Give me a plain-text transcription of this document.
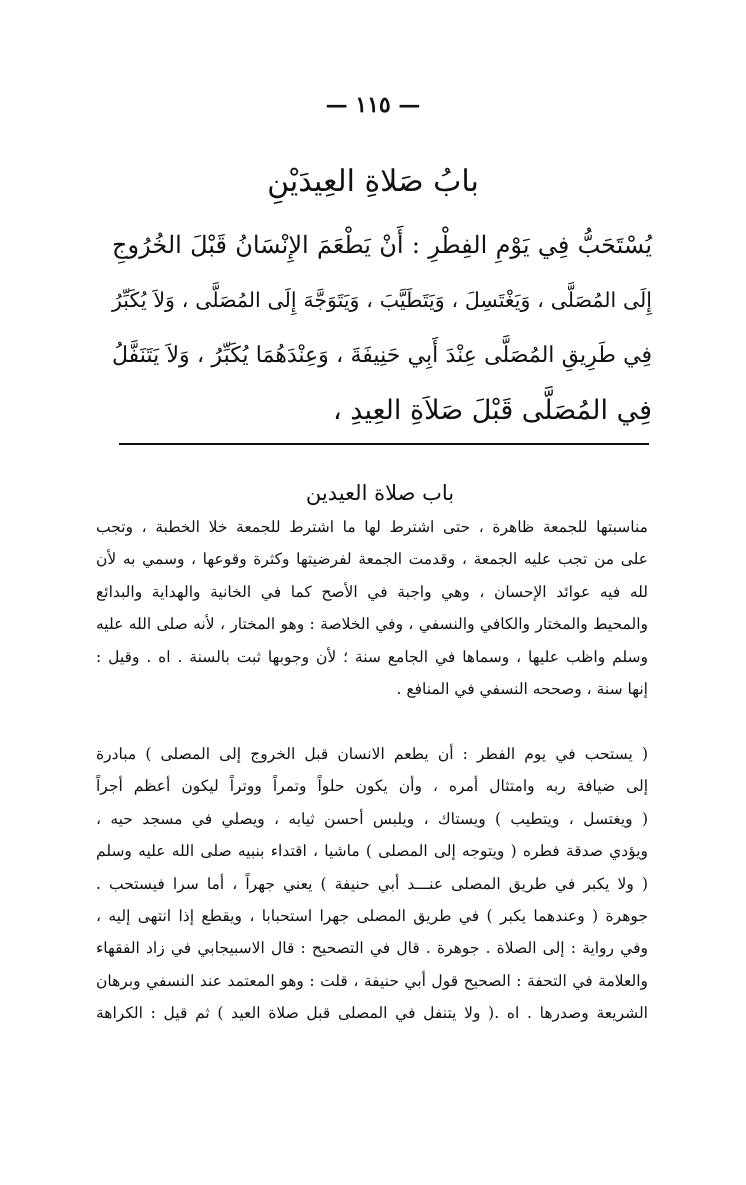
— ١١٥ —
بابُ صَلاةِ العِيدَيْنِ
يُسْتَحَبُّ فِي يَوْمِ الفِطْرِ : أَنْ يَطْعَمَ الإِنْسَانُ قَبْلَ الخُرُوجِ
إِلَى المُصَلَّى ، وَيَغْتَسِلَ ، وَيَتَطَيَّبَ ، وَيَتَوَجَّهَ إِلَى المُصَلَّى ، وَلاَ يُكَبِّرُ
فِي طَرِيقِ المُصَلَّى عِنْدَ أَبِي حَنِيفَةَ ، وَعِنْدَهُمَا يُكَبِّرُ ، وَلاَ يَتَنَفَّلُ
فِي المُصَلَّى قَبْلَ صَلاَةِ العِيدِ ،
باب صلاة العيدين
مناسبتها للجمعة ظاهرة ، حتى اشترط لها ما اشترط للجمعة خلا الخطبة ، وتجب
على من تجب عليه الجمعة ، وقدمت الجمعة لفرضيتها وكثرة وقوعها ، وسمي به لأن
لله فيه عوائد الإحسان ، وهي واجبة في الأصح كما في الخانية والهداية والبدائع
والمحيط والمختار والكافي والنسفي ، وفي الخلاصة : وهو المختار ، لأنه صلى الله عليه
وسلم واظب عليها ، وسماها في الجامع سنة ؛ لأن وجوبها ثبت بالسنة . اه . وقيل :
إنها سنة ، وصححه النسفي في المنافع .
( يستحب في يوم الفطر : أن يطعم الانسان قبل الخروج إلى المصلى ) مبادرة
إلى ضيافة ربه وامتثال أمره ، وأن يكون حلواً وتمراً ووتراً ليكون أعظم أجراً
( ويغتسل ، ويتطيب ) ويستاك ، ويلبس أحسن ثيابه ، ويصلي في مسجد حيه ،
ويؤدي صدقة فطره ( ويتوجه إلى المصلى ) ماشيا ، اقتداء بنبيه صلى الله عليه وسلم
( ولا يكبر في طريق المصلى عنـــد أبي حنيفة ) يعني جهراً ، أما سرا فيستحب .
جوهرة ( وعندهما يكبر ) في طريق المصلى جهرا استحبابا ، ويقطع إذا انتهى إليه ،
وفي رواية : إلى الصلاة . جوهرة . قال في التصحيح : قال الاسبيجابي في زاد الفقهاء
والعلامة في التحفة : الصحيح قول أبي حنيفة ، قلت : وهو المعتمد عند النسفي وبرهان
الشريعة وصدرها . اه .( ولا يتنفل في المصلى قبل صلاة العيد ) ثم قيل : الكراهة
